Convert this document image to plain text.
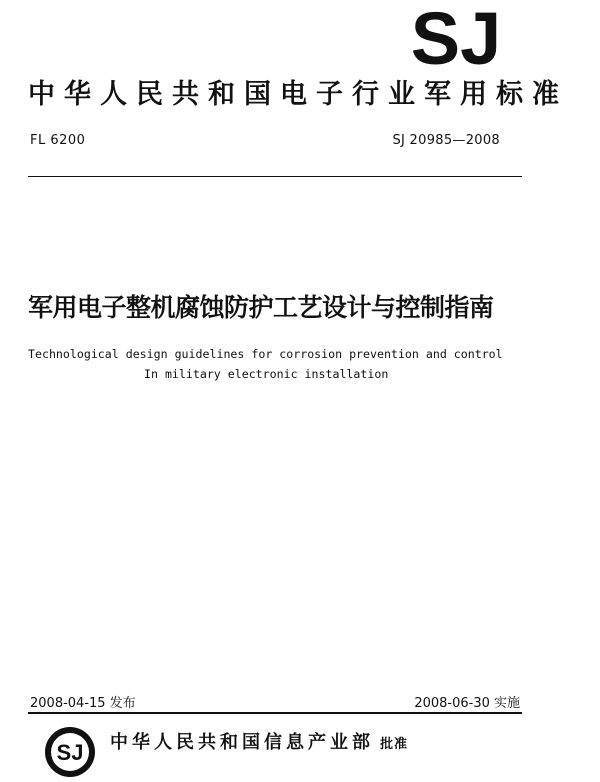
SJ
中华人民共和国电子行业军用标准
FL 6200	SJ 20985—2008
军用电子整机腐蚀防护工艺设计与控制指南
Technological design guidelines for corrosion prevention and control
In military electronic installation
2008-04-15 发布	2008-06-30 实施
SJ 中华人民共和国信息产业部 批准
